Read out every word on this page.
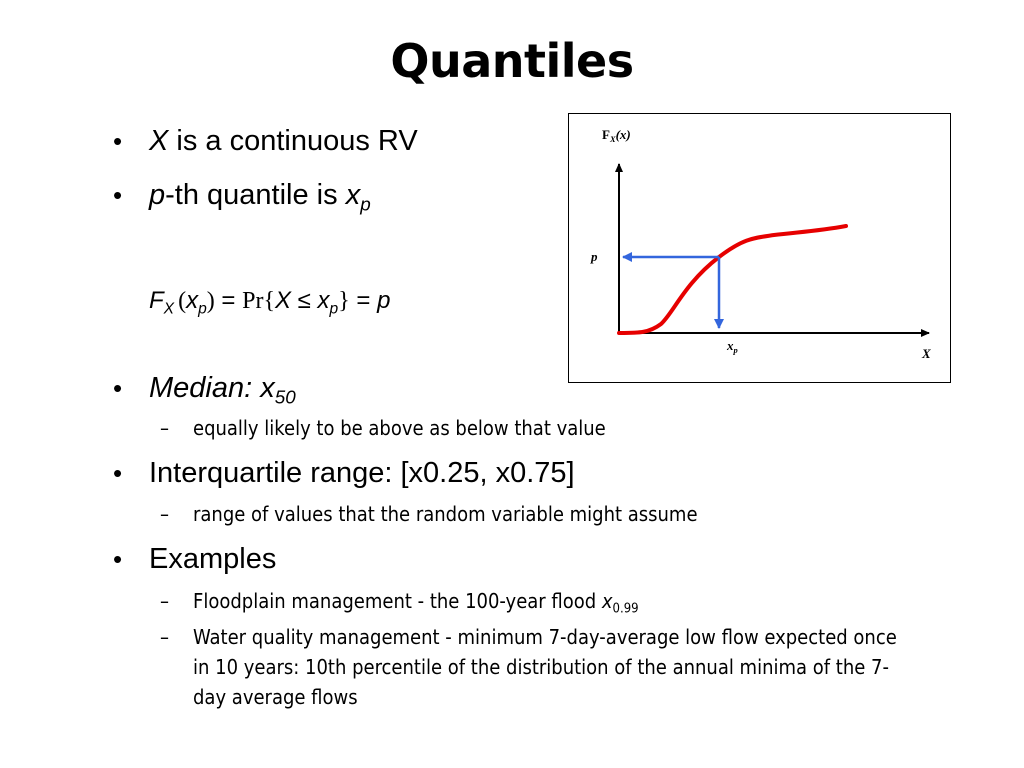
Quantiles
• X is a continuous RV
• p-th quantile is $x_p$
$F_X$ $(x_p) = Pr\{X \le x_p\} = p$
• Median: $x_{50}$
– equally likely to be above as below that value
• Interquartile range: [x0.25, x0.75]
– range of values that the random variable might assume
• Examples
– Floodplain management - the 100-year flood $x_{0.99}$
– Water quality management - minimum 7-day-average low flow expected once in 10 years: 10th percentile of the distribution of the annual minima of the 7-day average flows
$F_X(x)$
p
$x_p$	X
